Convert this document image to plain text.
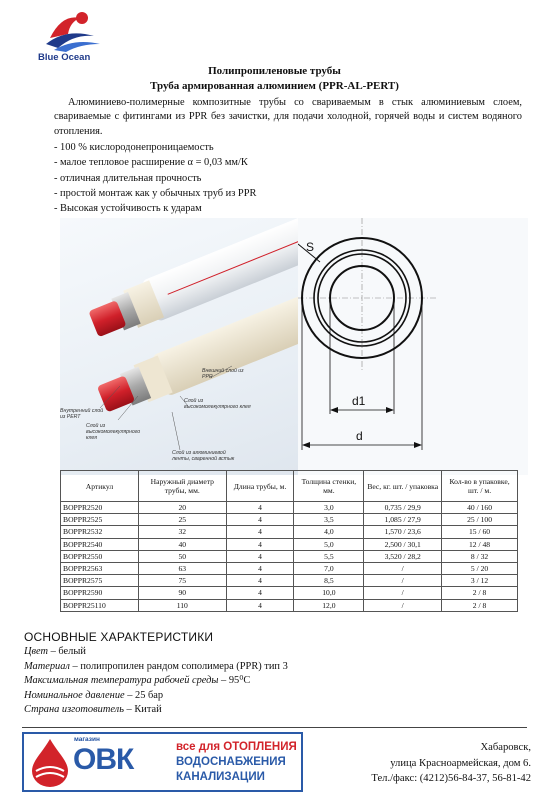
Blue Ocean
Полипропиленовые трубы
Труба армированная алюминием (PPR-AL-PERT)

Алюминиево-полимерные композитные трубы со свариваемым в стык алюминиевым слоем, свариваемые с фитингами из PPR без зачистки, для подачи холодной, горячей воды и систем водяного отопления.

- 100 % кислородонепроницаемость
- малое тепловое расширение α = 0,03 мм/К
- отличная длительная прочность
- простой монтаж как у обычных труб из PPR
- Высокая устойчивость к ударам
Внешний слой из PPR
Слой из высокомолекулярного клея
Внутренний слой из PERT
Слой из высокомолекулярного клея
Слой из алюминиевой ленты, сваренной встык
S
d1
d
Артикул	Наружный диаметр трубы, мм.	Длина трубы, м.	Толщина стенки, мм.	Вес, кг. шт. / упаковка	Кол-во в упаковке, шт. / м.
BOPPR2520	20	4	3,0	0,735 / 29,9	40 / 160
BOPPR2525	25	4	3,5	1,085 / 27,9	25 / 100
BOPPR2532	32	4	4,0	1,570 / 23,6	15 / 60
BOPPR2540	40	4	5,0	2,500 / 30,1	12 / 48
BOPPR2550	50	4	5,5	3,520 / 28,2	8 / 32
BOPPR2563	63	4	7,0	/	5 / 20
BOPPR2575	75	4	8,5	/	3 / 12
BOPPR2590	90	4	10,0	/	2 / 8
BOPPR25110	110	4	12,0	/	2 / 8
ОСНОВНЫЕ ХАРАКТЕРИСТИКИ
Цвет – белый
Материал – полипропилен рандом сополимера (PPR) тип 3
Максимальная температура рабочей среды – 95⁰С
Номинальное давление – 25 бар
Страна изготовитель – Китай
магазин
ОВК	все для ОТОПЛЕНИЯ
ВОДОСНАБЖЕНИЯ
КАНАЛИЗАЦИИ
Хабаровск,
улица Красноармейская, дом 6.
Тел./факс: (4212)56-84-37, 56-81-42
